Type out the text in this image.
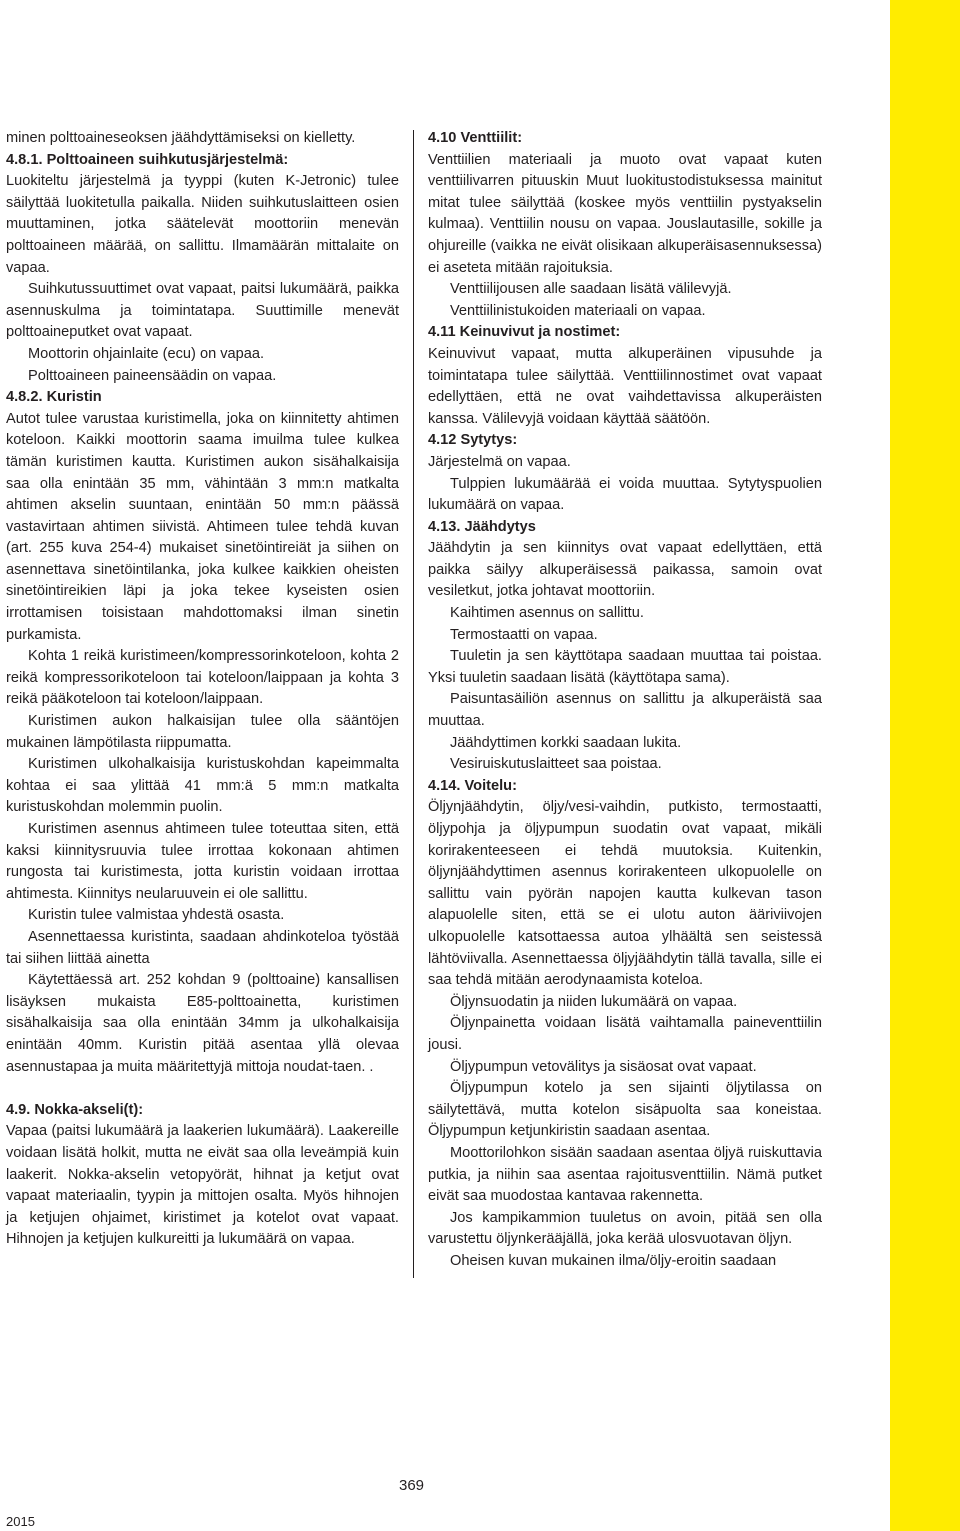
minen polttoaineseoksen jäähdyttämiseksi on kielletty.

4.8.1. Polttoaineen suihkutusjärjestelmä:

Luokiteltu järjestelmä ja tyyppi (kuten K-Jetronic) tulee säilyttää luokitetulla paikalla. Niiden suihkutuslaitteen osien muuttaminen, jotka säätelevät moottoriin menevän polttoaineen määrää, on sallittu. Ilmamäärän mittalaite on vapaa.

Suihkutussuuttimet ovat vapaat, paitsi lukumäärä, paikka asennuskulma ja toimintatapa. Suuttimille menevät polttoaineputket ovat vapaat.

Moottorin ohjainlaite (ecu) on vapaa.

Polttoaineen paineensäädin on vapaa.

4.8.2. Kuristin

Autot tulee varustaa kuristimella, joka on kiinnitetty ahtimen koteloon. Kaikki moottorin saama imuilma tulee kulkea tämän kuristimen kautta. Kuristimen aukon sisähalkaisija saa olla enintään 35 mm, vähintään 3 mm:n matkalta ahtimen akselin suuntaan, enintään 50 mm:n päässä vastavirtaan ahtimen siivistä. Ahtimeen tulee tehdä kuvan (art. 255 kuva 254-4) mukaiset sinetöintireiät ja siihen on asennettava sinetöintilanka, joka kulkee kaikkien oheisten sinetöintireikien läpi ja joka tekee kyseisten osien irrottamisen toisistaan mahdottomaksi ilman sinetin purkamista.

Kohta 1 reikä kuristimeen/kompressorinkoteloon, kohta 2 reikä kompressorikoteloon tai koteloon/laippaan ja kohta 3 reikä pääkoteloon tai koteloon/laippaan.

Kuristimen aukon halkaisijan tulee olla sääntöjen mukainen lämpötilasta riippumatta.

Kuristimen ulkohalkaisija kuristuskohdan kapeimmalta kohtaa ei saa ylittää 41 mm:ä 5 mm:n matkalta kuristuskohdan molemmin puolin.

Kuristimen asennus ahtimeen tulee toteuttaa siten, että kaksi kiinnitysruuvia tulee irrottaa kokonaan ahtimen rungosta tai kuristimesta, jotta kuristin voidaan irrottaa ahtimesta. Kiinnitys neularuuvein ei ole sallittu.

Kuristin tulee valmistaa yhdestä osasta.

Asennettaessa kuristinta, saadaan ahdinkoteloa työstää tai siihen liittää ainetta

Käytettäessä art. 252 kohdan 9 (polttoaine) kansallisen lisäyksen mukaista E85-polttoainetta, kuristimen sisähalkaisija saa olla enintään 34mm ja ulkohalkaisija enintään 40mm. Kuristin pitää asentaa yllä olevaa asennustapaa ja muita määritettyjä mittoja noudat-taen. .

4.9. Nokka-akseli(t):

Vapaa (paitsi lukumäärä ja laakerien lukumäärä). Laakereille voidaan lisätä holkit, mutta ne eivät saa olla leveämpiä kuin laakerit. Nokka-akselin vetopyörät, hihnat ja ketjut ovat vapaat materiaalin, tyypin ja mittojen osalta. Myös hihnojen ja ketjujen ohjaimet, kiristimet ja kotelot ovat vapaat. Hihnojen ja ketjujen kulkureitti ja lukumäärä on vapaa.

4.10 Venttiilit:

Venttiilien materiaali ja muoto ovat vapaat kuten venttiilivarren pituuskin Muut luokitustodistuksessa mainitut mitat tulee säilyttää (koskee myös venttiilin pystyakselin kulmaa). Venttiilin nousu on vapaa. Jouslautasille, sokille ja ohjureille (vaikka ne eivät olisikaan alkuperäisasennuksessa) ei aseteta mitään rajoituksia.

Venttiilijousen alle saadaan lisätä välilevyjä.

Venttiilinistukoiden materiaali on vapaa.

4.11 Keinuvivut ja nostimet:

Keinuvivut vapaat, mutta alkuperäinen vipusuhde ja toimintatapa tulee säilyttää. Venttiilinnostimet ovat vapaat edellyttäen, että ne ovat vaihdettavissa alkuperäisten kanssa. Välilevyjä voidaan käyttää säätöön.

4.12 Sytytys:

Järjestelmä on vapaa.

Tulppien lukumäärää ei voida muuttaa. Sytytyspuolien lukumäärä on vapaa.

4.13. Jäähdytys

Jäähdytin ja sen kiinnitys ovat vapaat edellyttäen, että paikka säilyy alkuperäisessä paikassa, samoin ovat vesiletkut, jotka johtavat moottoriin.

Kaihtimen asennus on sallittu.

Termostaatti on vapaa.

Tuuletin ja sen käyttötapa saadaan muuttaa tai poistaa. Yksi tuuletin saadaan lisätä (käyttötapa sama).

Paisuntasäiliön asennus on sallittu ja alkuperäistä saa muuttaa.

Jäähdyttimen korkki saadaan lukita.

Vesiruiskutuslaitteet saa poistaa.

4.14. Voitelu:

Öljynjäähdytin, öljy/vesi-vaihdin, putkisto, termostaatti, öljypohja ja öljypumpun suodatin ovat vapaat, mikäli korirakenteeseen ei tehdä muutoksia. Kuitenkin, öljynjäähdyttimen asennus korirakenteen ulkopuolelle on sallittu vain pyörän napojen kautta kulkevan tason alapuolelle siten, että se ei ulotu auton ääriviivojen ulkopuolelle katsottaessa autoa ylhäältä sen seistessä lähtöviivalla. Asennettaessa öljyjäähdytin tällä tavalla, sille ei saa tehdä mitään aerodynaamista koteloa.

Öljynsuodatin ja niiden lukumäärä on vapaa.

Öljynpainetta voidaan lisätä vaihtamalla paineventtiilin jousi.

Öljypumpun vetovälitys ja sisäosat ovat vapaat.

Öljypumpun kotelo ja sen sijainti öljytilassa on säilytettävä, mutta kotelon sisäpuolta saa koneistaa. Öljypumpun ketjunkiristin saadaan asentaa.

Moottorilohkon sisään saadaan asentaa öljyä ruiskuttavia putkia, ja niihin saa asentaa rajoitusventtiilin. Nämä putket eivät saa muodostaa kantavaa rakennetta.

Jos kampikammion tuuletus on avoin, pitää sen olla varustettu öljynkerääjällä, joka kerää ulosvuotavan öljyn.

Oheisen kuvan mukainen ilma/öljy-eroitin saadaan

369
2015
